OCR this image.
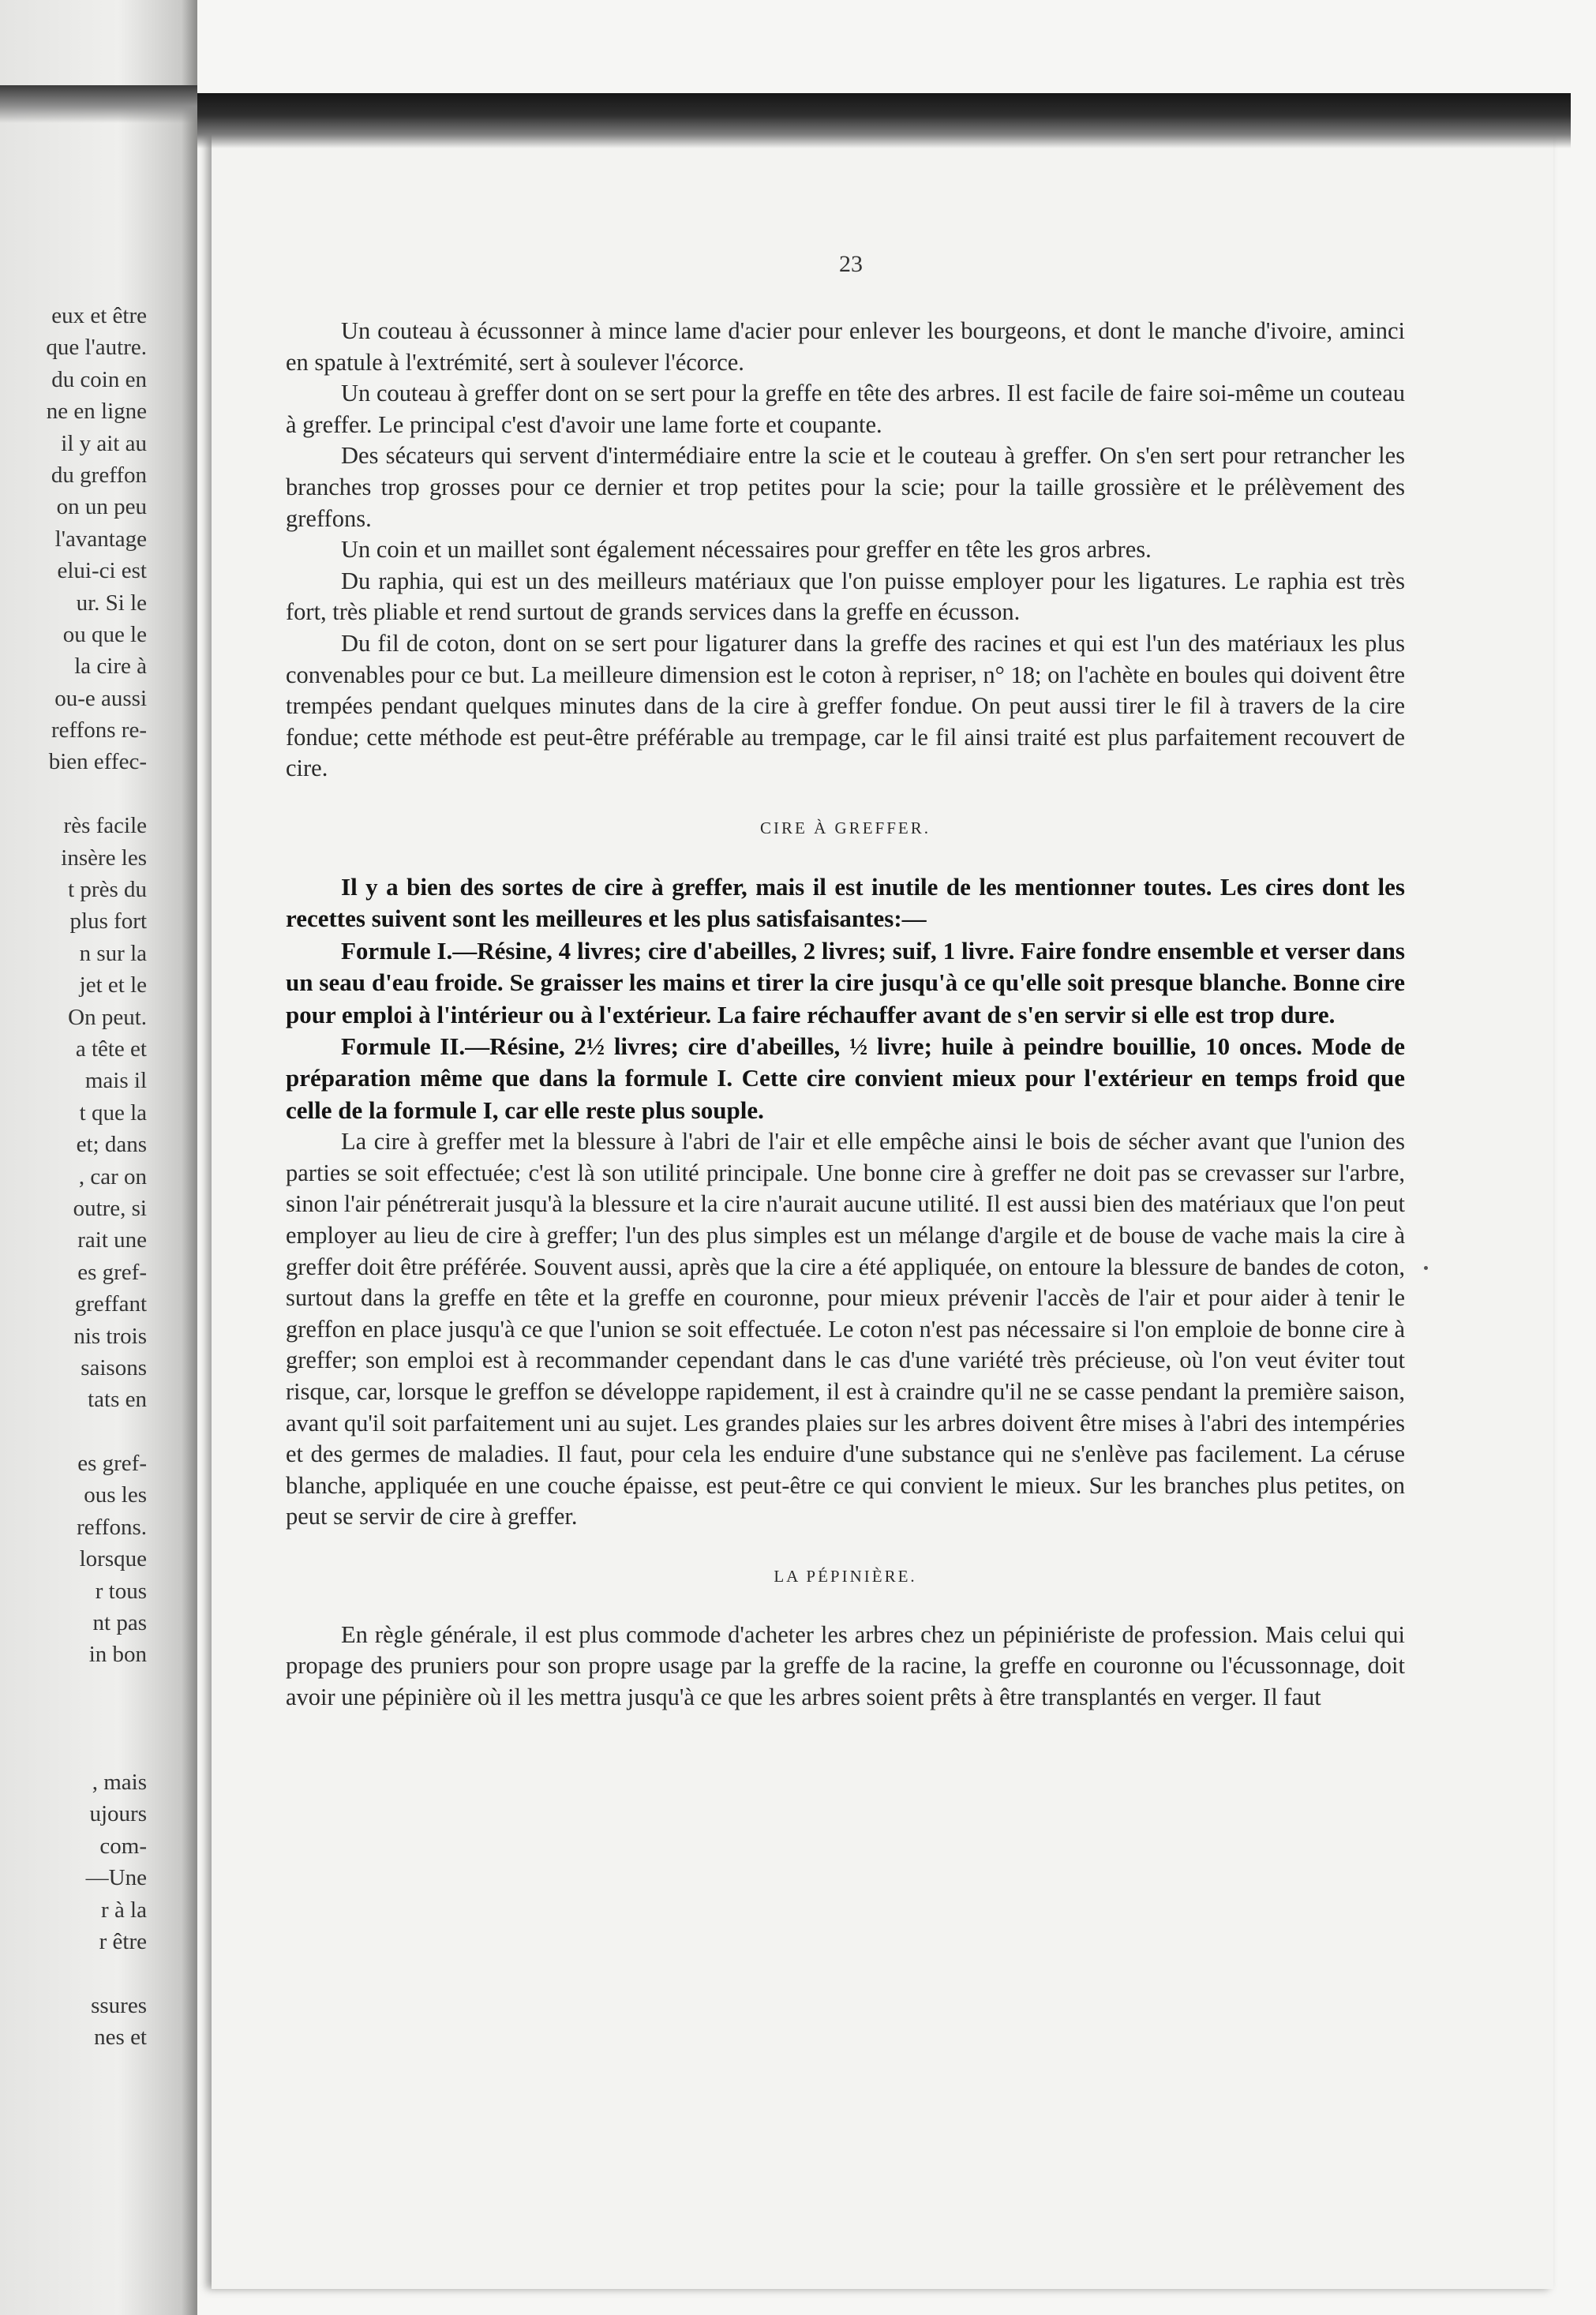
eux et être
que l'autre.
du coin en
ne en ligne
il y ait au
du greffon
on un peu
l'avantage
elui-ci est
ur. Si le
ou que le
la cire à
ou-e aussi
reffons re-
bien effec-
rès facile
insère les
t près du
plus fort
n sur la
jet et le
On peut.
a tête et
mais il
t que la
et; dans
, car on
outre, si
rait une
es gref-
greffant
nis trois
saisons
tats en
es gref-
ous les
reffons.
lorsque
r tous
nt pas
in bon
, mais
ujours
com-
—Une
r à la
r être
ssures
nes et
23

Un couteau à écussonner à mince lame d'acier pour enlever les bourgeons, et dont le manche d'ivoire, aminci en spatule à l'extrémité, sert à soulever l'écorce.

Un couteau à greffer dont on se sert pour la greffe en tête des arbres. Il est facile de faire soi-même un couteau à greffer. Le principal c'est d'avoir une lame forte et coupante.

Des sécateurs qui servent d'intermédiaire entre la scie et le couteau à greffer. On s'en sert pour retrancher les branches trop grosses pour ce dernier et trop petites pour la scie; pour la taille grossière et le prélèvement des greffons.

Un coin et un maillet sont également nécessaires pour greffer en tête les gros arbres.

Du raphia, qui est un des meilleurs matériaux que l'on puisse employer pour les ligatures. Le raphia est très fort, très pliable et rend surtout de grands services dans la greffe en écusson.

Du fil de coton, dont on se sert pour ligaturer dans la greffe des racines et qui est l'un des matériaux les plus convenables pour ce but. La meilleure dimension est le coton à repriser, n° 18; on l'achète en boules qui doivent être trempées pendant quelques minutes dans de la cire à greffer fondue. On peut aussi tirer le fil à travers de la cire fondue; cette méthode est peut-être préférable au trempage, car le fil ainsi traité est plus parfaitement recouvert de cire.

CIRE À GREFFER.

Il y a bien des sortes de cire à greffer, mais il est inutile de les mentionner toutes. Les cires dont les recettes suivent sont les meilleures et les plus satisfaisantes:—

Formule I.—Résine, 4 livres; cire d'abeilles, 2 livres; suif, 1 livre. Faire fondre ensemble et verser dans un seau d'eau froide. Se graisser les mains et tirer la cire jusqu'à ce qu'elle soit presque blanche. Bonne cire pour emploi à l'intérieur ou à l'extérieur. La faire réchauffer avant de s'en servir si elle est trop dure.

Formule II.—Résine, 2½ livres; cire d'abeilles, ½ livre; huile à peindre bouillie, 10 onces. Mode de préparation même que dans la formule I. Cette cire convient mieux pour l'extérieur en temps froid que celle de la formule I, car elle reste plus souple.

La cire à greffer met la blessure à l'abri de l'air et elle empêche ainsi le bois de sécher avant que l'union des parties se soit effectuée; c'est là son utilité principale. Une bonne cire à greffer ne doit pas se crevasser sur l'arbre, sinon l'air pénétrerait jusqu'à la blessure et la cire n'aurait aucune utilité. Il est aussi bien des matériaux que l'on peut employer au lieu de cire à greffer; l'un des plus simples est un mélange d'argile et de bouse de vache mais la cire à greffer doit être préférée. Souvent aussi, après que la cire a été appliquée, on entoure la blessure de bandes de coton, surtout dans la greffe en tête et la greffe en couronne, pour mieux prévenir l'accès de l'air et pour aider à tenir le greffon en place jusqu'à ce que l'union se soit effectuée. Le coton n'est pas nécessaire si l'on emploie de bonne cire à greffer; son emploi est à recommander cependant dans le cas d'une variété très précieuse, où l'on veut éviter tout risque, car, lorsque le greffon se développe rapidement, il est à craindre qu'il ne se casse pendant la première saison, avant qu'il soit parfaitement uni au sujet. Les grandes plaies sur les arbres doivent être mises à l'abri des intempéries et des germes de maladies. Il faut, pour cela les enduire d'une substance qui ne s'enlève pas facilement. La céruse blanche, appliquée en une couche épaisse, est peut-être ce qui convient le mieux. Sur les branches plus petites, on peut se servir de cire à greffer.

LA PÉPINIÈRE.

En règle générale, il est plus commode d'acheter les arbres chez un pépiniériste de profession. Mais celui qui propage des pruniers pour son propre usage par la greffe de la racine, la greffe en couronne ou l'écussonnage, doit avoir une pépinière où il les mettra jusqu'à ce que les arbres soient prêts à être transplantés en verger. Il faut
